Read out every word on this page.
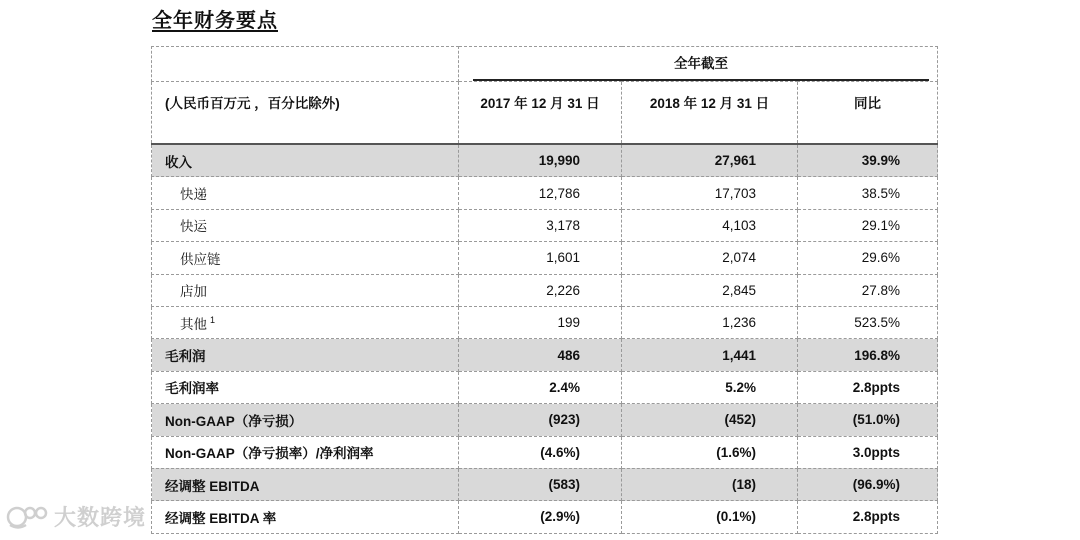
全年财务要点

	全年截至		

(人民币百万元 ，百分比除外)	2017 年 12 月 31 日	2018 年 12 月 31 日	同比
收入	19,990	27,961	39.9%
快递	12,786	17,703	38.5%
快运	3,178	4,103	29.1%
供应链	1,601	2,074	29.6%
店加	2,226	2,845	27.8%
其他 $^1$	199	1,236	523.5%
毛利润	486	1,441	196.8%
毛利润率	2.4%	5.2%	2.8ppts
Non-GAAP（净亏损）	(923)	(452)	(51.0%)
Non-GAAP（净亏损率）/净利润率	(4.6%)	(1.6%)	3.0ppts
经调整 EBITDA	(583)	(18)	(96.9%)
经调整 EBITDA 率	(2.9%)	(0.1%)	2.8ppts
大数跨境
